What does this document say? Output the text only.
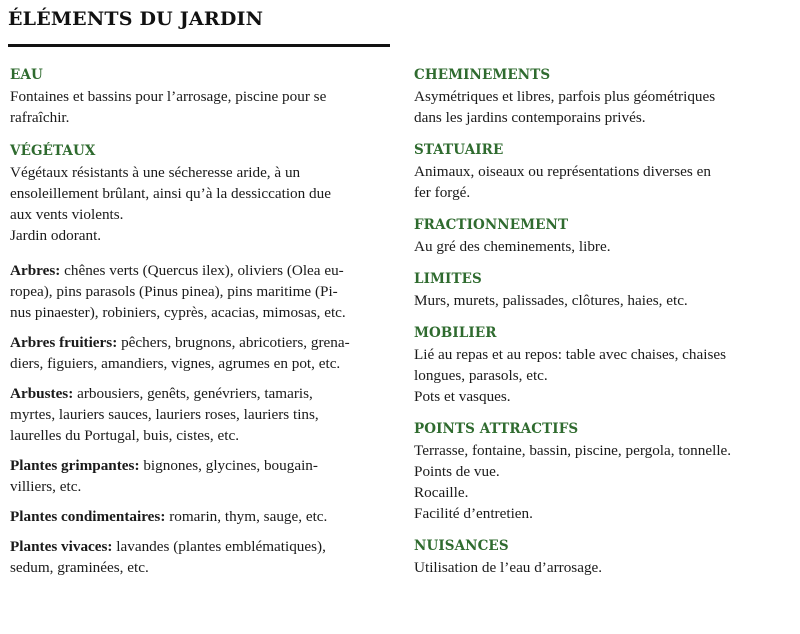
ÉLÉMENTS DU JARDIN
EAU
Fontaines et bassins pour l’arrosage, piscine pour se
rafraîchir.
VÉGÉTAUX
Végétaux résistants à une sécheresse aride, à un
ensoleillement brûlant, ainsi qu’à la dessiccation due
aux vents violents.
Jardin odorant.
Arbres: chênes verts (Quercus ilex), oliviers (Olea eu-
ropea), pins parasols (Pinus pinea), pins maritime (Pi-
nus pinaester), robiniers, cyprès, acacias, mimosas, etc.
Arbres fruitiers: pêchers, brugnons, abricotiers, grena-
diers, figuiers, amandiers, vignes, agrumes en pot, etc.
Arbustes: arbousiers, genêts, genévriers, tamaris,
myrtes, lauriers sauces, lauriers roses, lauriers tins,
laurelles du Portugal, buis, cistes, etc.
Plantes grimpantes: bignones, glycines, bougain-
villiers, etc.
Plantes condimentaires: romarin, thym, sauge, etc.
Plantes vivaces: lavandes (plantes emblématiques),
sedum, graminées, etc.
CHEMINEMENTS
Asymétriques et libres, parfois plus géométriques
dans les jardins contemporains privés.
STATUAIRE
Animaux, oiseaux ou représentations diverses en
fer forgé.
FRACTIONNEMENT
Au gré des cheminements, libre.
LIMITES
Murs, murets, palissades, clôtures, haies, etc.
MOBILIER
Lié au repas et au repos: table avec chaises, chaises
longues, parasols, etc.
Pots et vasques.
POINTS ATTRACTIFS
Terrasse, fontaine, bassin, piscine, pergola, tonnelle.
Points de vue.
Rocaille.
Facilité d’entretien.
NUISANCES
Utilisation de l’eau d’arrosage.
